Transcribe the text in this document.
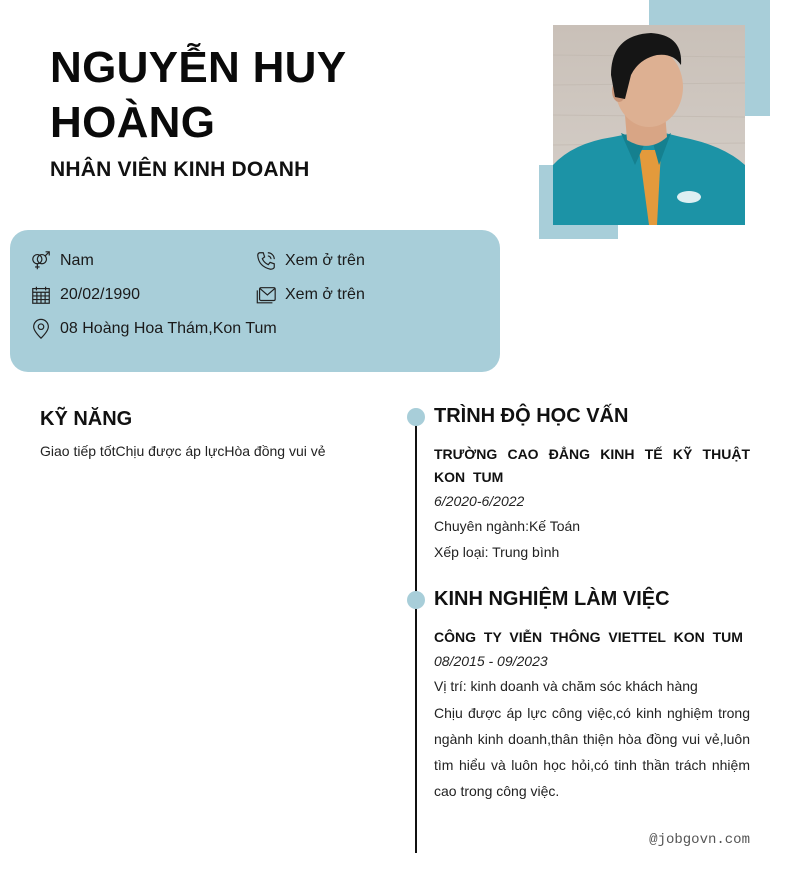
NGUYỄN HUY HOÀNG
NHÂN VIÊN KINH DOANH
Nam
20/02/1990
08 Hoàng Hoa Thám,Kon Tum
Xem ở trên
Xem ở trên
KỸ NĂNG
Giao tiếp tốtChịu được áp lựcHòa đồng vui vẻ
TRÌNH ĐỘ HỌC VẤN
TRƯỜNG CAO ĐẲNG KINH TẾ KỸ THUẬT KON TUM
6/2020-6/2022
Chuyên ngành:Kế Toán
Xếp loại: Trung bình
KINH NGHIỆM LÀM VIỆC
CÔNG TY VIỄN THÔNG VIETTEL KON TUM
08/2015 - 09/2023
Vị trí: kinh doanh và chăm sóc khách hàng
Chịu được áp lực công việc,có kinh nghiệm trong ngành kinh doanh,thân thiện hòa đồng vui vẻ,luôn tìm hiểu và luôn học hỏi,có tinh thần trách nhiệm cao trong công việc.
@jobgovn.com
